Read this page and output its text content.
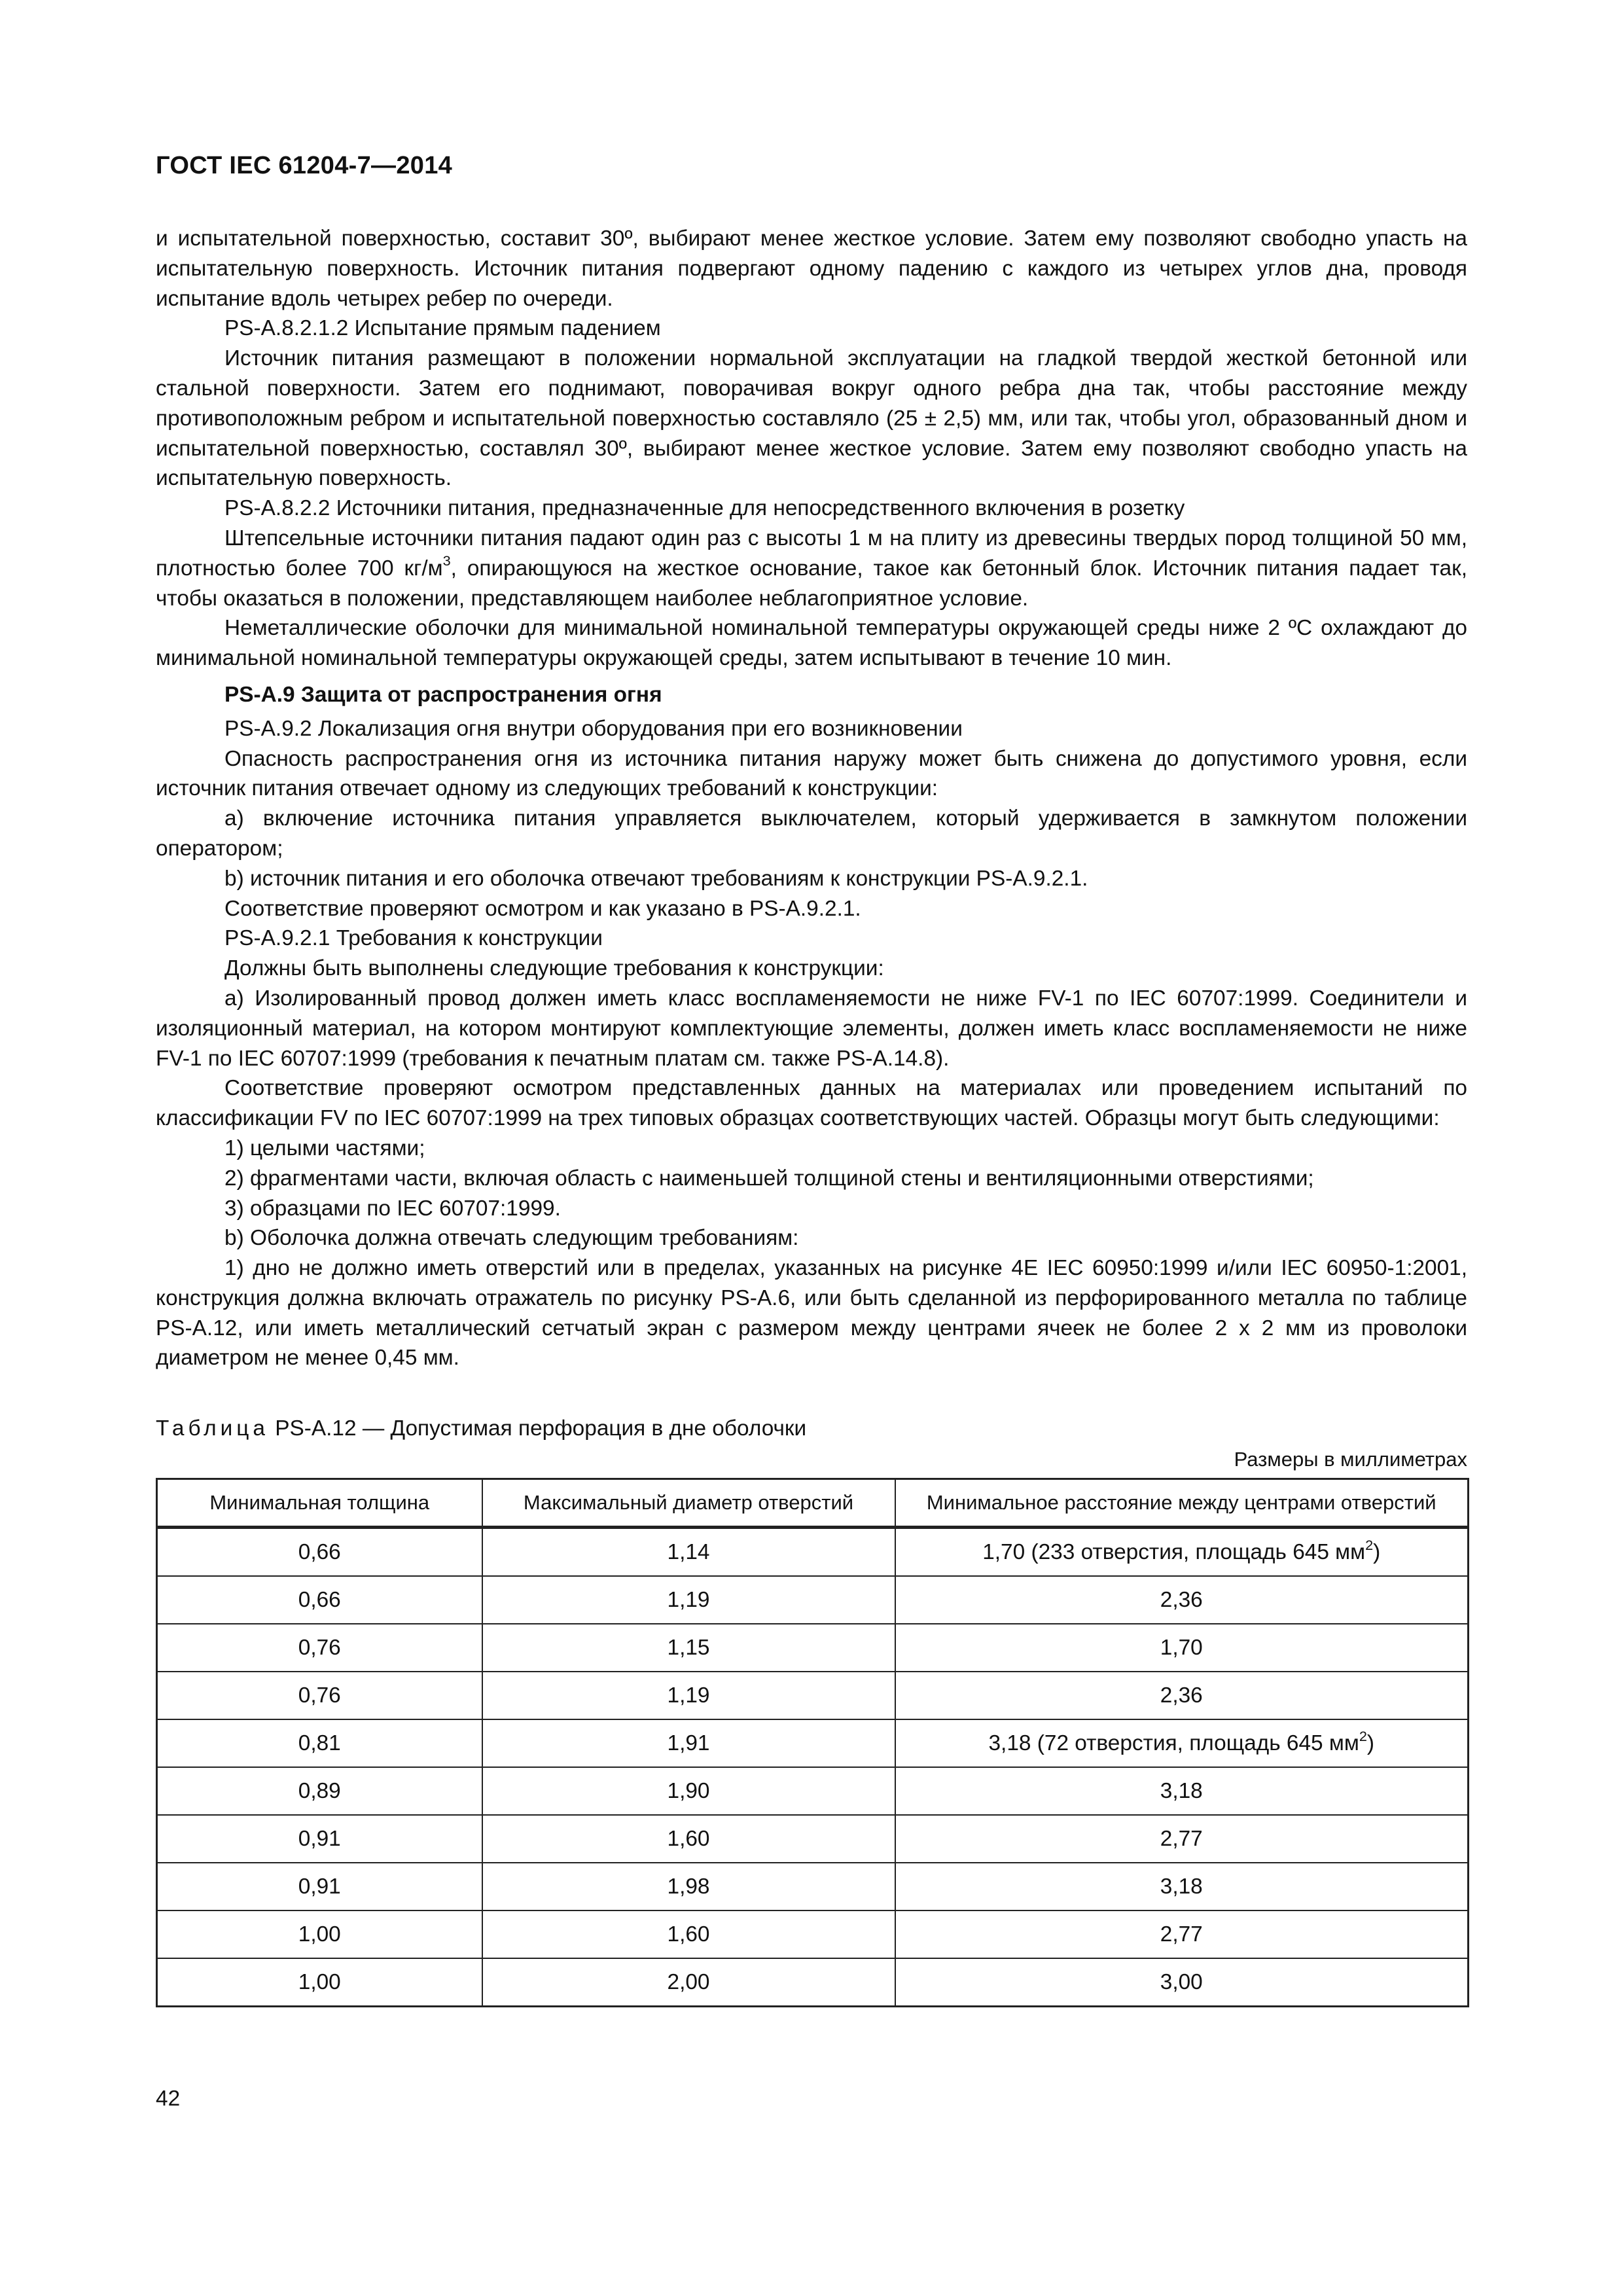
ГОСТ IEC 61204-7—2014

и испытательной поверхностью, составит 30º, выбирают менее жесткое условие. Затем ему позволяют свободно упасть на испытательную поверхность. Источник питания подвергают одному падению с каждого из четырех углов дна, проводя испытание вдоль четырех ребер по очереди.

PS-A.8.2.1.2 Испытание прямым падением

Источник питания размещают в положении нормальной эксплуатации на гладкой твердой жесткой бетонной или стальной поверхности. Затем его поднимают, поворачивая вокруг одного ребра дна так, чтобы расстояние между противоположным ребром и испытательной поверхностью составляло (25 ± 2,5) мм, или так, чтобы угол, образованный дном и испытательной поверхностью, составлял 30º, выбирают менее жесткое условие. Затем ему позволяют свободно упасть на испытательную поверхность.

PS-A.8.2.2 Источники питания, предназначенные для непосредственного включения в розетку

Штепсельные источники питания падают один раз с высоты 1 м на плиту из древесины твердых пород толщиной 50 мм, плотностью более 700 $кг/м^3$, опирающуюся на жесткое основание, такое как бетонный блок. Источник питания падает так, чтобы оказаться в положении, представляющем наиболее неблагоприятное условие.

Неметаллические оболочки для минимальной номинальной температуры окружающей среды ниже 2 ºС охлаждают до минимальной номинальной температуры окружающей среды, затем испытывают в течение 10 мин.

PS-A.9 Защита от распространения огня

PS-A.9.2 Локализация огня внутри оборудования при его возникновении

Опасность распространения огня из источника питания наружу может быть снижена до допустимого уровня, если источник питания отвечает одному из следующих требований к конструкции:

а) включение источника питания управляется выключателем, который удерживается в замкнутом положении оператором;

b) источник питания и его оболочка отвечают требованиям к конструкции PS-A.9.2.1.

Соответствие проверяют осмотром и как указано в PS-A.9.2.1.

PS-A.9.2.1 Требования к конструкции

Должны быть выполнены следующие требования к конструкции:

а) Изолированный провод должен иметь класс воспламеняемости не ниже FV-1 по IEC 60707:1999. Соединители и изоляционный материал, на котором монтируют комплектующие элементы, должен иметь класс воспламеняемости не ниже FV-1 по IEC 60707:1999 (требования к печатным платам см. также PS-A.14.8).

Соответствие проверяют осмотром представленных данных на материалах или проведением испытаний по классификации FV по IEC 60707:1999 на трех типовых образцах соответствующих частей. Образцы могут быть следующими:

1) целыми частями;

2) фрагментами части, включая область с наименьшей толщиной стены и вентиляционными отверстиями;

3) образцами по IEC 60707:1999.

b) Оболочка должна отвечать следующим требованиям:

1) дно не должно иметь отверстий или в пределах, указанных на рисунке 4Е IEC 60950:1999 и/или IEC 60950-1:2001, конструкция должна включать отражатель по рисунку PS-A.6, или быть сделанной из перфорированного металла по таблице PS-A.12, или иметь металлический сетчатый экран с размером между центрами ячеек не более 2 х 2 мм из проволоки диаметром не менее 0,45 мм.

Таблица PS-A.12 — Допустимая перфорация в дне оболочки
Размеры в миллиметрах
Минимальная толщина	Максимальный диаметр отверстий	Минимальное расстояние между центрами отверстий
0,66	1,14	1,70 (233 отверстия, площадь 645 $мм^2$)
0,66	1,19	2,36
0,76	1,15	1,70
0,76	1,19	2,36
0,81	1,91	3,18 (72 отверстия, площадь 645 $мм^2$)
0,89	1,90	3,18
0,91	1,60	2,77
0,91	1,98	3,18
1,00	1,60	2,77
1,00	2,00	3,00
42
